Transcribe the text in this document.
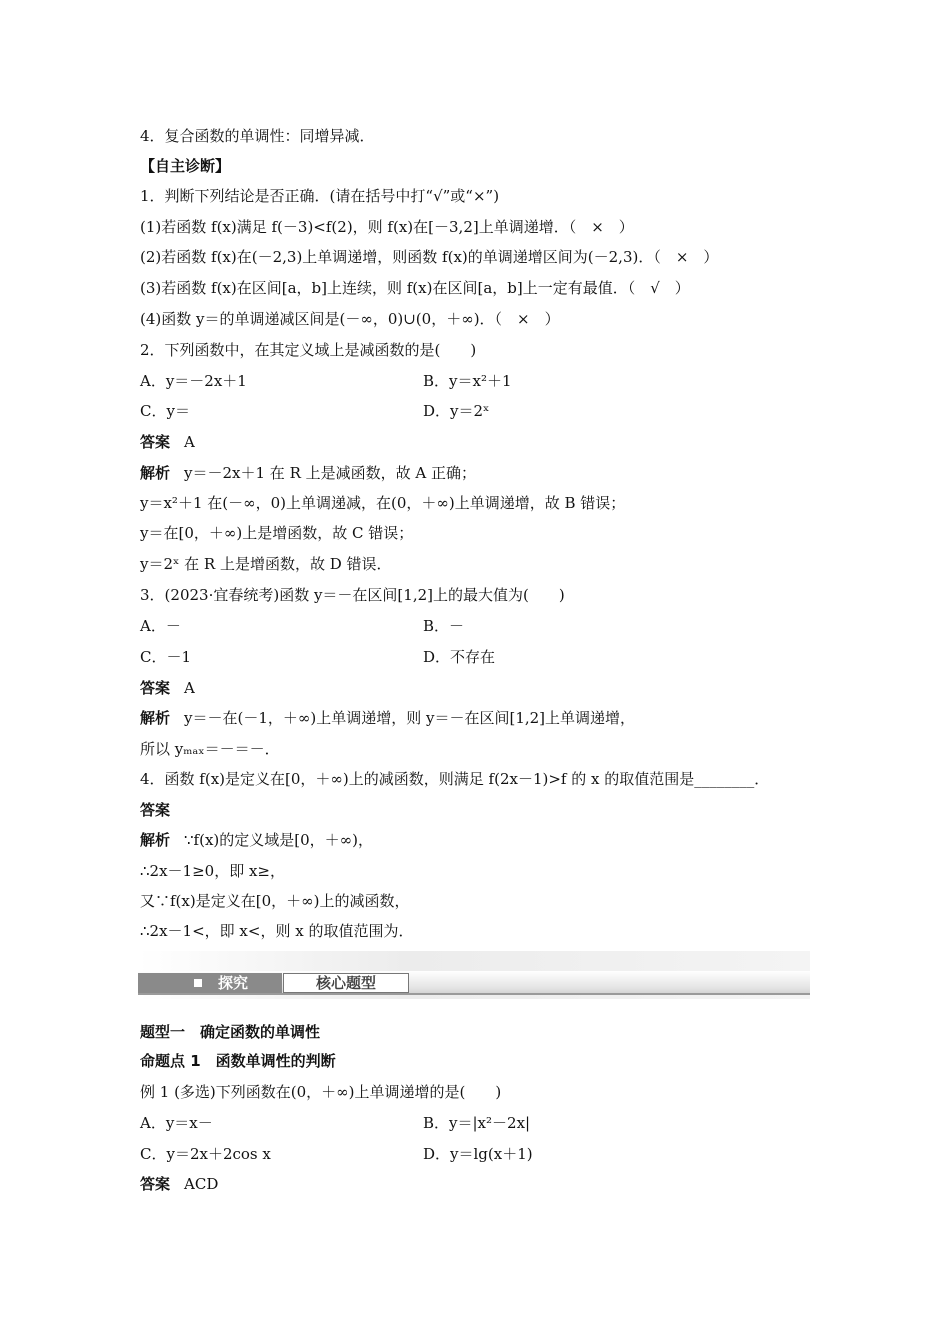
4．复合函数的单调性：同增异减．
【自主诊断】
1．判断下列结论是否正确．(请在括号中打“√”或“×”)
(1)若函数 f(x)满足 f(－3)<f(2)，则 f(x)在[－3,2]上单调递增．（　×　）
(2)若函数 f(x)在(－2,3)上单调递增，则函数 f(x)的单调递增区间为(－2,3)．（　×　）
(3)若函数 f(x)在区间[a，b]上连续，则 f(x)在区间[a，b]上一定有最值．（　√　）
(4)函数 y＝的单调递减区间是(－∞，0)∪(0，＋∞)．（　×　）
2．下列函数中，在其定义域上是减函数的是(　　)
A．y＝－2x＋1	B．y＝x²＋1
C．y＝	D．y＝2ˣ
答案 A
解析 y＝－2x＋1 在 R 上是减函数，故 A 正确；
y＝x²＋1 在(－∞，0)上单调递减，在(0，＋∞)上单调递增，故 B 错误；
y＝在[0，＋∞)上是增函数，故 C 错误；
y＝2ˣ 在 R 上是增函数，故 D 错误．
3．(2023·宜春统考)函数 y＝－在区间[1,2]上的最大值为(　　)
A．－	B．－
C．－1	D．不存在
答案 A
解析 y＝－在(－1，＋∞)上单调递增，则 y＝－在区间[1,2]上单调递增，
所以 yₘₐₓ＝－＝－．
4．函数 f(x)是定义在[0，＋∞)上的减函数，则满足 f(2x－1)>f 的 x 的取值范围是________．
答案
解析 ∵f(x)的定义域是[0，＋∞)，
∴2x－1≥0，即 x≥，
又∵f(x)是定义在[0，＋∞)上的减函数，
∴2x－1<，即 x<，则 x 的取值范围为．
探究	核心题型
题型一　确定函数的单调性
命题点 1　函数单调性的判断
例 1 (多选)下列函数在(0，＋∞)上单调递增的是(　　)
A．y＝x－	B．y＝|x²－2x|
C．y＝2x＋2cos x	D．y＝lg(x＋1)
答案 ACD
